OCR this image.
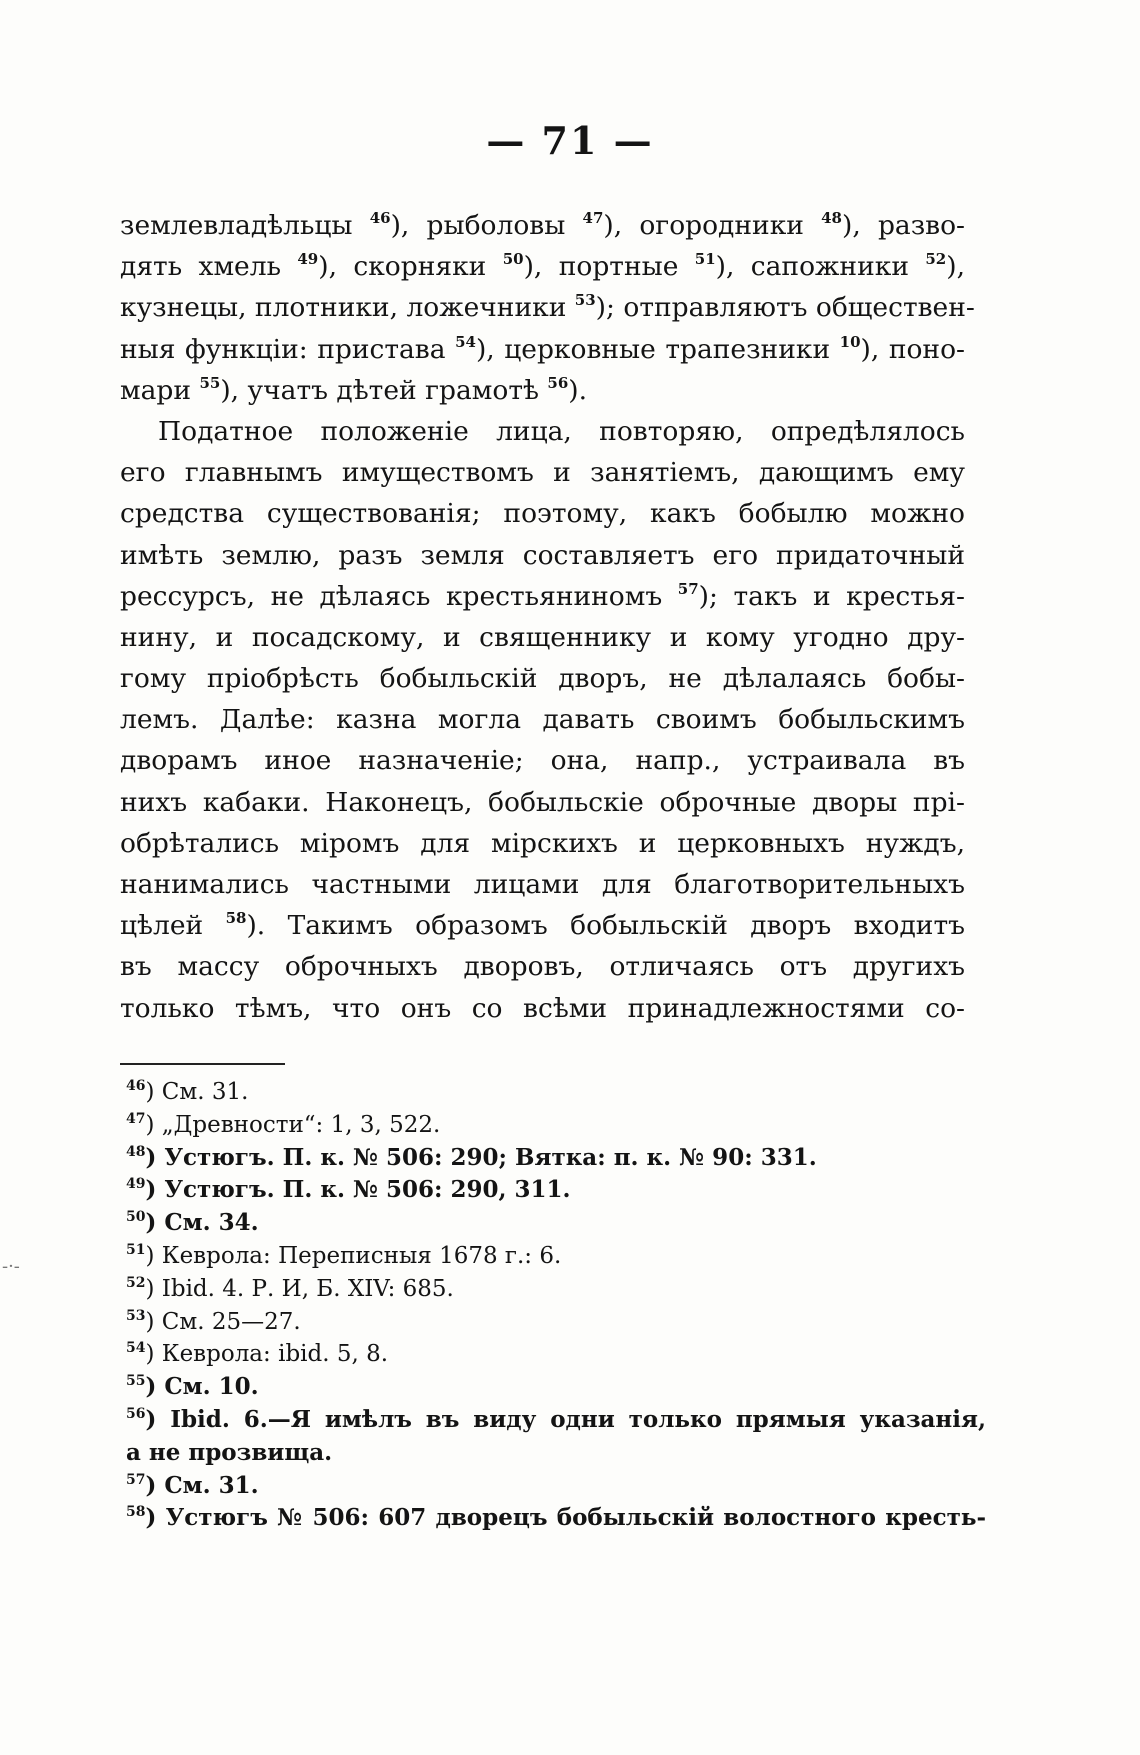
— 71 —
землевладѣльцы $^{46}$), рыболовы $^{47}$), огородники $^{48}$), разво-
дять хмель $^{49}$), скорняки $^{50}$), портные $^{51}$), сапожники $^{52}$),
кузнецы, плотники, ложечники $^{53}$); отправляютъ обществен-
ныя функціи: пристава $^{54}$), церковные трапезники $^{10}$), поно-
мари $^{55}$), учатъ дѣтей грамотѣ $^{56}$).
Податное положеніе лица, повторяю, опредѣлялось
его главнымъ имуществомъ и занятіемъ, дающимъ ему
средства существованія; поэтому, какъ бобылю можно
имѣть землю, разъ земля составляетъ его придаточный
рессурсъ, не дѣлаясь крестьяниномъ $^{57}$); такъ и крестья-
нину, и посадскому, и священнику и кому угодно дру-
гому пріобрѣсть бобыльскій дворъ, не дѣлалаясь бобы-
лемъ. Далѣе: казна могла давать своимъ бобыльскимъ
дворамъ иное назначеніе; она, напр., устраивала въ
нихъ кабаки. Наконецъ, бобыльскіе оброчные дворы прі-
обрѣтались міромъ для мірскихъ и церковныхъ нуждъ,
нанимались частными лицами для благотворительныхъ
цѣлей $^{58}$). Такимъ образомъ бобыльскій дворъ входитъ
въ массу оброчныхъ дворовъ, отличаясь отъ другихъ
только тѣмъ, что онъ со всѣми принадлежностями со-
$^{46}$) См. 31.
$^{47}$) „Древности“: 1, 3, 522.
$^{48}$) Устюгъ. П. к. № 506: 290; Вятка: п. к. № 90: 331.
$^{49}$) Устюгъ. П. к. № 506: 290, 311.
$^{50}$) См. 34.
$^{51}$) Кеврола: Переписныя 1678 г.: 6.
$^{52}$) Ibid. 4. Р. И, Б. XIV: 685.
$^{53}$) См. 25—27.
$^{54}$) Кеврола: ibid. 5, 8.
$^{55}$) См. 10.
$^{56}$) Ibid. 6.—Я имѣлъ въ виду одни только прямыя указанія,
а не прозвища.
$^{57}$) См. 31.
$^{58}$) Устюгъ № 506: 607 дворецъ бобыльскій волостного кресть-
-·-
